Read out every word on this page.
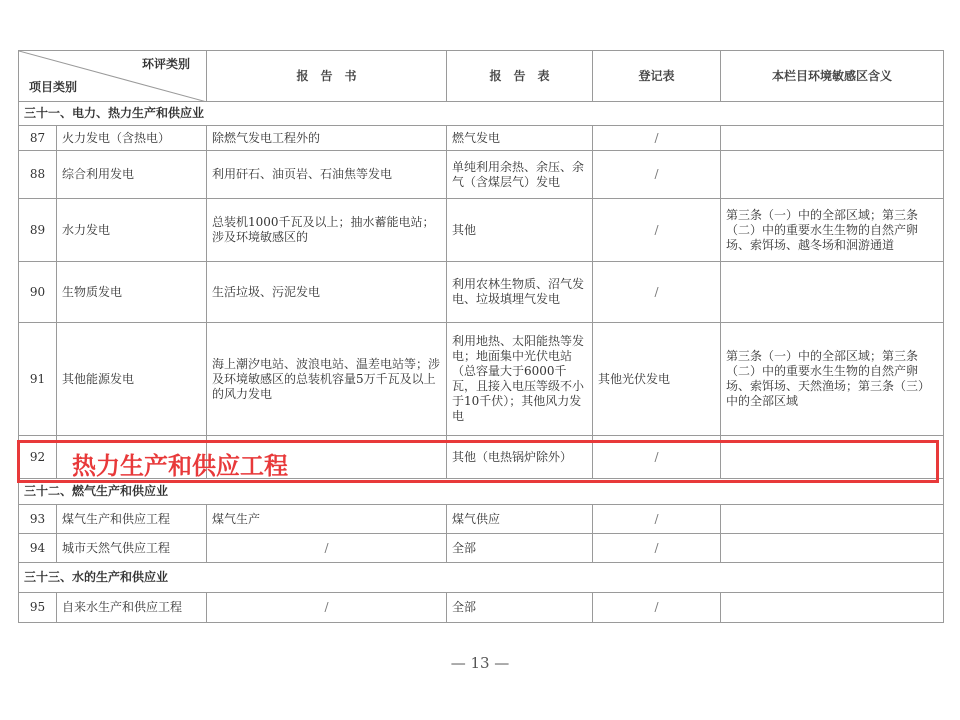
环评类别
项目类别		报　告　书	报　告　表	登记表	本栏目环境敏感区含义
三十一、电力、热力生产和供应业					
87	火力发电（含热电）	除燃气发电工程外的	燃气发电	/	
88	综合利用发电	利用矸石、油页岩、石油焦等发电	单纯利用余热、余压、余气（含煤层气）发电	/	
89	水力发电	总装机1000千瓦及以上；抽水蓄能电站；涉及环境敏感区的	其他	/	第三条（一）中的全部区域；第三条（二）中的重要水生生物的自然产卵场、索饵场、越冬场和洄游通道
90	生物质发电	生活垃圾、污泥发电	利用农林生物质、沼气发电、垃圾填埋气发电	/	
91	其他能源发电	海上潮汐电站、波浪电站、温差电站等；涉及环境敏感区的总装机容量5万千瓦及以上的风力发电	利用地热、太阳能热等发电；地面集中光伏电站（总容量大于6000千瓦，且接入电压等级不小于10千伏）；其他风力发电	其他光伏发电	第三条（一）中的全部区域；第三条（二）中的重要水生生物的自然产卵场、索饵场、天然渔场；第三条（三）中的全部区域
92			其他（电热锅炉除外）	/	
三十二、燃气生产和供应业					
93	煤气生产和供应工程	煤气生产	煤气供应	/	
94	城市天然气供应工程	/	全部	/	
三十三、水的生产和供应业					
95	自来水生产和供应工程	/	全部	/	
热力生产和供应工程
— 13 —
